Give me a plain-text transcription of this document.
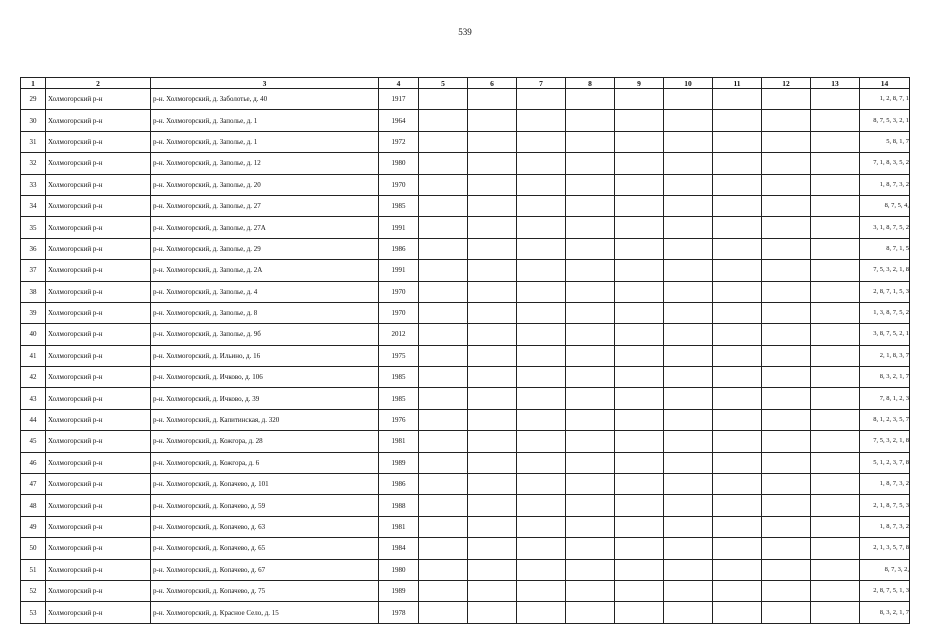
539
1	2	3	4	5	6	7	8	9	10	11	12	13	14
29	Холмогорский р-н	р-н. Холмогорский, д. Заболотье, д. 40	1917										1, 2, 8, 7, 1
30	Холмогорский р-н	р-н. Холмогорский, д. Заполье, д. 1	1964										8, 7, 5, 3, 2, 1
31	Холмогорский р-н	р-н. Холмогорский, д. Заполье, д. 1	1972										5, 8, 1, 7
32	Холмогорский р-н	р-н. Холмогорский, д. Заполье, д. 12	1980										7, 1, 8, 3, 5, 2
33	Холмогорский р-н	р-н. Холмогорский, д. Заполье, д. 20	1970										1, 8, 7, 3, 2
34	Холмогорский р-н	р-н. Холмогорский, д. Заполье, д. 27	1985										8, 7, 5, 4,
35	Холмогорский р-н	р-н. Холмогорский, д. Заполье, д. 27А	1991										3, 1, 8, 7, 5, 2
36	Холмогорский р-н	р-н. Холмогорский, д. Заполье, д. 29	1986										8, 7, 1, 5
37	Холмогорский р-н	р-н. Холмогорский, д. Заполье, д. 2А	1991										7, 5, 3, 2, 1, 8
38	Холмогорский р-н	р-н. Холмогорский, д. Заполье, д. 4	1970										2, 8, 7, 1, 5, 3
39	Холмогорский р-н	р-н. Холмогорский, д. Заполье, д. 8	1970										1, 3, 8, 7, 5, 2
40	Холмогорский р-н	р-н. Холмогорский, д. Заполье, д. 9б	2012										3, 8, 7, 5, 2, 1
41	Холмогорский р-н	р-н. Холмогорский, д. Ильино, д. 16	1975										2, 1, 8, 3, 7
42	Холмогорский р-н	р-н. Холмогорский, д. Ичково, д. 106	1985										8, 3, 2, 1, 7
43	Холмогорский р-н	р-н. Холмогорский, д. Ичково, д. 39	1985										7, 8, 1, 2, 3
44	Холмогорский р-н	р-н. Холмогорский, д. Капитинская, д. 320	1976										8, 1, 2, 3, 5, 7
45	Холмогорский р-н	р-н. Холмогорский, д. Кожгора, д. 28	1981										7, 5, 3, 2, 1, 8
46	Холмогорский р-н	р-н. Холмогорский, д. Кожгора, д. 6	1989										5, 1, 2, 3, 7, 8
47	Холмогорский р-н	р-н. Холмогорский, д. Копачево, д. 101	1986										1, 8, 7, 3, 2
48	Холмогорский р-н	р-н. Холмогорский, д. Копачево, д. 59	1988										2, 1, 8, 7, 5, 3
49	Холмогорский р-н	р-н. Холмогорский, д. Копачево, д. 63	1981										1, 8, 7, 3, 2
50	Холмогорский р-н	р-н. Холмогорский, д. Копачево, д. 65	1984										2, 1, 3, 5, 7, 8
51	Холмогорский р-н	р-н. Холмогорский, д. Копачево, д. 67	1980										8, 7, 3, 2,
52	Холмогорский р-н	р-н. Холмогорский, д. Копачево, д. 75	1989										2, 8, 7, 5, 1, 3
53	Холмогорский р-н	р-н. Холмогорский, д. Красное Село, д. 15	1978										8, 3, 2, 1, 7
